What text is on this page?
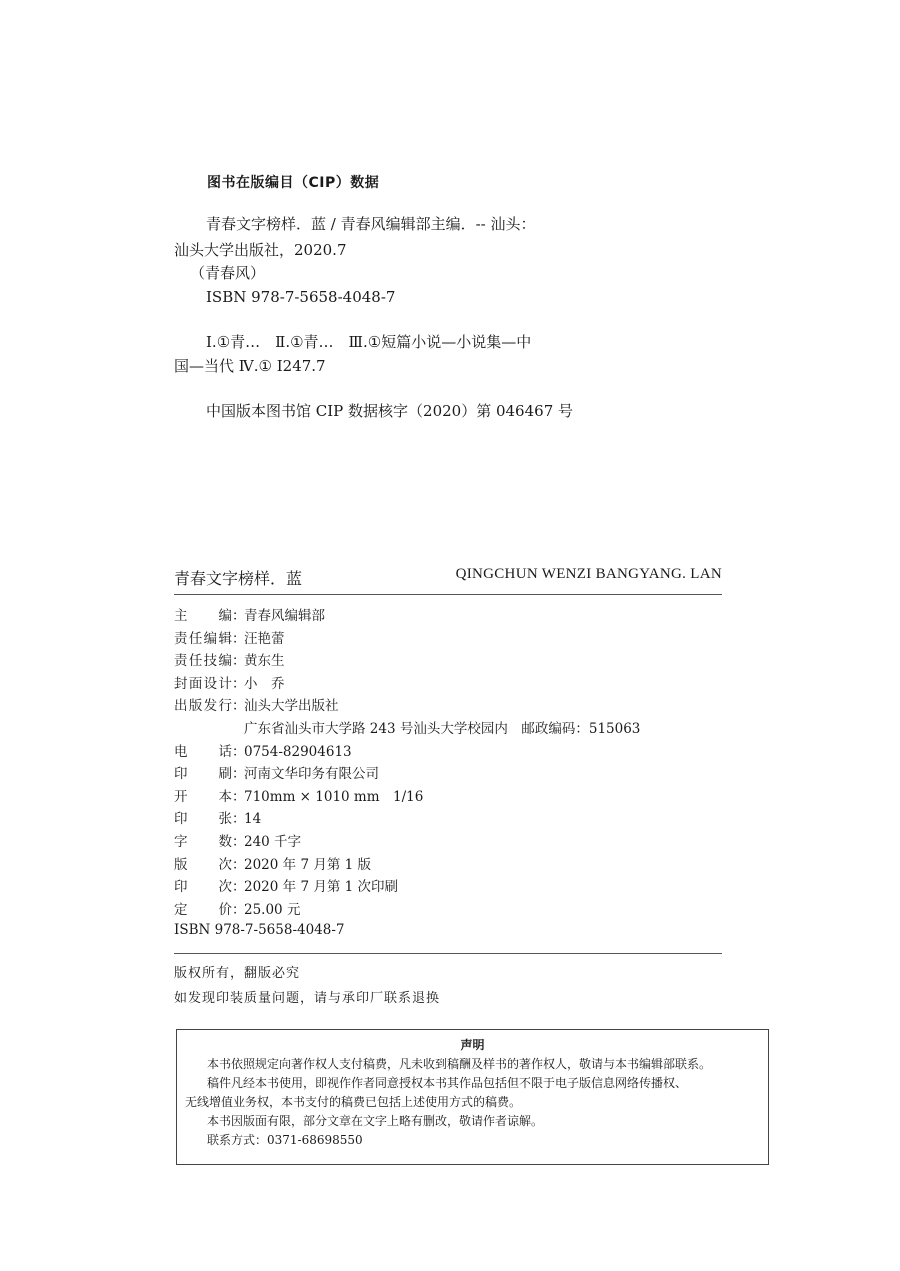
图书在版编目（CIP）数据
青春文字榜样．蓝 / 青春风编辑部主编．-- 汕头：
汕头大学出版社，2020.7
（青春风）
ISBN 978-7-5658-4048-7
Ⅰ.①青…　Ⅱ.①青…　Ⅲ.①短篇小说—小说集—中
国—当代 Ⅳ.① I247.7
中国版本图书馆 CIP 数据核字（2020）第 046467 号
青春文字榜样．蓝	QINGCHUN WENZI BANGYANG. LAN
主　编 ：
青春风编辑部
责任编辑 ：
汪艳蕾
责任技编 ：
黄东生
封面设计 ：
小　乔
出版发行 ：
汕头大学出版社
广东省汕头市大学路 243 号汕头大学校园内　邮政编码：515063
电　话 ：
0754-82904613
印　刷 ：
河南文华印务有限公司
开　本 ：
710mm × 1010 mm　1/16
印　张 ：
14
字　数 ：
240 千字
版　次 ：
2020 年 7 月第 1 版
印　次 ：
2020 年 7 月第 1 次印刷
定　价 ：
25.00 元
ISBN 978-7-5658-4048-7
版权所有，翻版必究
如发现印装质量问题，请与承印厂联系退换
声明

本书依照规定向著作权人支付稿费，凡未收到稿酬及样书的著作权人，敬请与本书编辑部联系。

稿件凡经本书使用，即视作作者同意授权本书其作品包括但不限于电子版信息网络传播权、

无线增值业务权，本书支付的稿费已包括上述使用方式的稿费。

本书因版面有限，部分文章在文字上略有删改，敬请作者谅解。

联系方式：0371-68698550
